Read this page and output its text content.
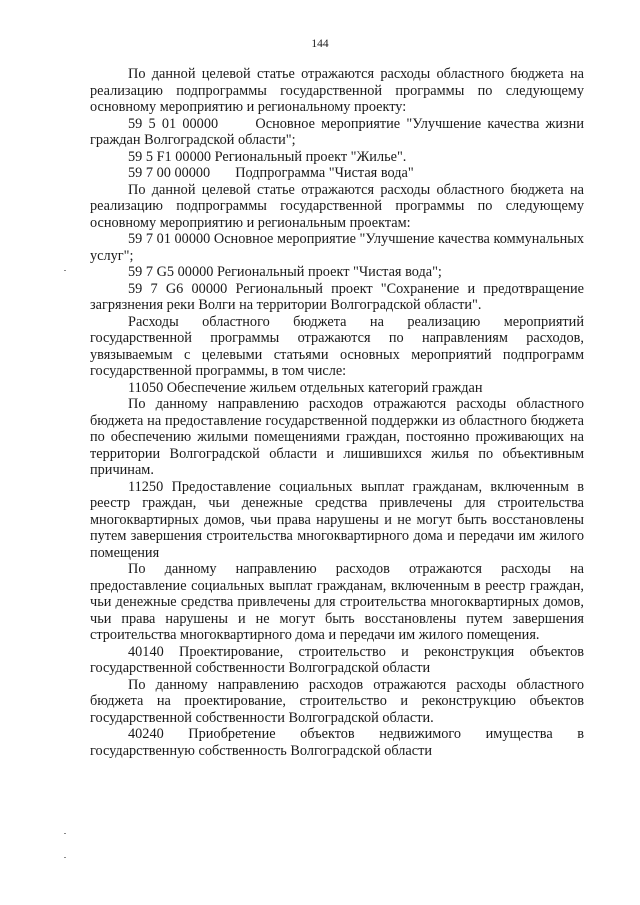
144

По данной целевой статье отражаются расходы областного бюджета на реализацию подпрограммы государственной программы по следующему основному мероприятию и региональному проекту:

59 5 01 00000      Основное мероприятие "Улучшение качества жизни граждан Волгоградской области";

59 5 F1 00000 Региональный проект "Жилье".

59 7 00 00000       Подпрограмма "Чистая вода"

По данной целевой статье отражаются расходы областного бюджета на реализацию подпрограммы государственной программы по следующему основному мероприятию и региональным проектам:

59 7 01 00000 Основное мероприятие "Улучшение качества коммунальных услуг";

59 7 G5 00000 Региональный проект "Чистая вода";

59 7 G6 00000 Региональный проект "Сохранение и предотвращение загрязнения реки Волги на территории Волгоградской области".

Расходы областного бюджета на реализацию мероприятий государственной программы отражаются по направлениям расходов, увязываемым с целевыми статьями основных мероприятий подпрограмм государственной программы, в том числе:

11050 Обеспечение жильем отдельных категорий граждан

По данному направлению расходов отражаются расходы областного бюджета на предоставление государственной поддержки из областного бюджета по обеспечению жилыми помещениями граждан, постоянно проживающих на территории Волгоградской области и лишившихся жилья по объективным причинам.

11250 Предоставление социальных выплат гражданам, включенным в реестр граждан, чьи денежные средства привлечены для строительства многоквартирных домов, чьи права нарушены и не могут быть восстановлены путем завершения строительства многоквартирного дома и передачи им жилого помещения

По данному направлению расходов отражаются расходы на предоставление социальных выплат гражданам, включенным в реестр граждан, чьи денежные средства привлечены для строительства многоквартирных домов, чьи права нарушены и не могут быть восстановлены путем завершения строительства многоквартирного дома и передачи им жилого помещения.

40140 Проектирование, строительство и реконструкция объектов государственной собственности Волгоградской области

По данному направлению расходов отражаются расходы областного бюджета на проектирование, строительство и реконструкцию объектов государственной собственности Волгоградской области.

40240 Приобретение объектов недвижимого имущества в государственную собственность Волгоградской области
